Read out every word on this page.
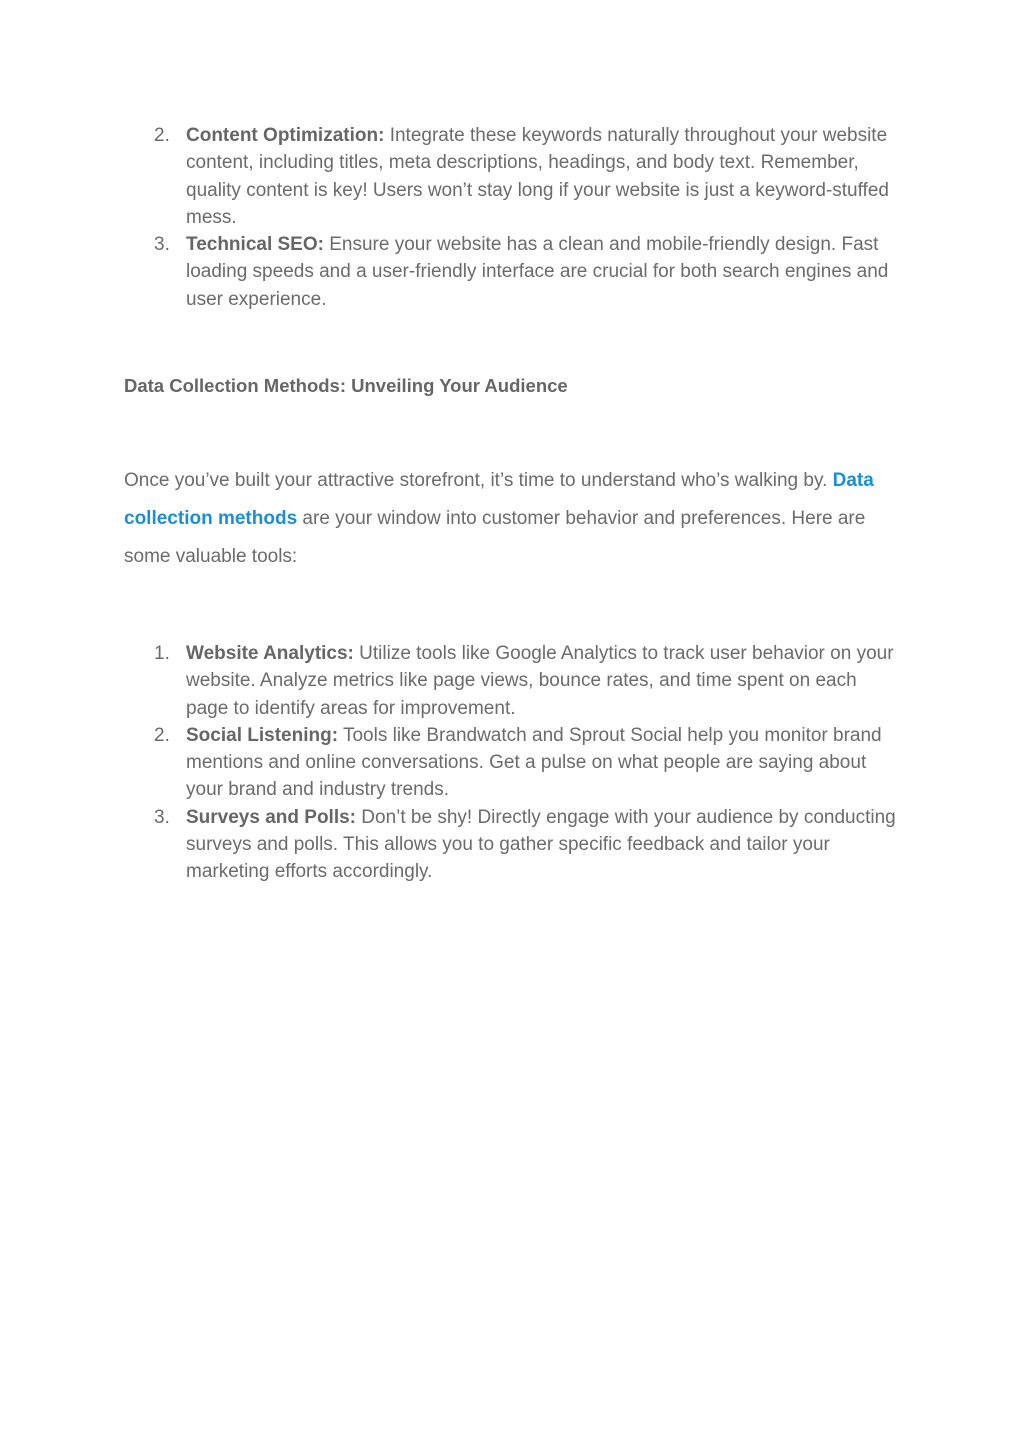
2. Content Optimization: Integrate these keywords naturally throughout your website content, including titles, meta descriptions, headings, and body text. Remember, quality content is key! Users won’t stay long if your website is just a keyword-stuffed mess.
3. Technical SEO: Ensure your website has a clean and mobile-friendly design. Fast loading speeds and a user-friendly interface are crucial for both search engines and user experience.
Data Collection Methods: Unveiling Your Audience

Once you’ve built your attractive storefront, it’s time to understand who’s walking by. Data collection methods are your window into customer behavior and preferences. Here are some valuable tools:

1. Website Analytics: Utilize tools like Google Analytics to track user behavior on your website. Analyze metrics like page views, bounce rates, and time spent on each page to identify areas for improvement.
2. Social Listening: Tools like Brandwatch and Sprout Social help you monitor brand mentions and online conversations. Get a pulse on what people are saying about your brand and industry trends.
3. Surveys and Polls: Don’t be shy! Directly engage with your audience by conducting surveys and polls. This allows you to gather specific feedback and tailor your marketing efforts accordingly.
